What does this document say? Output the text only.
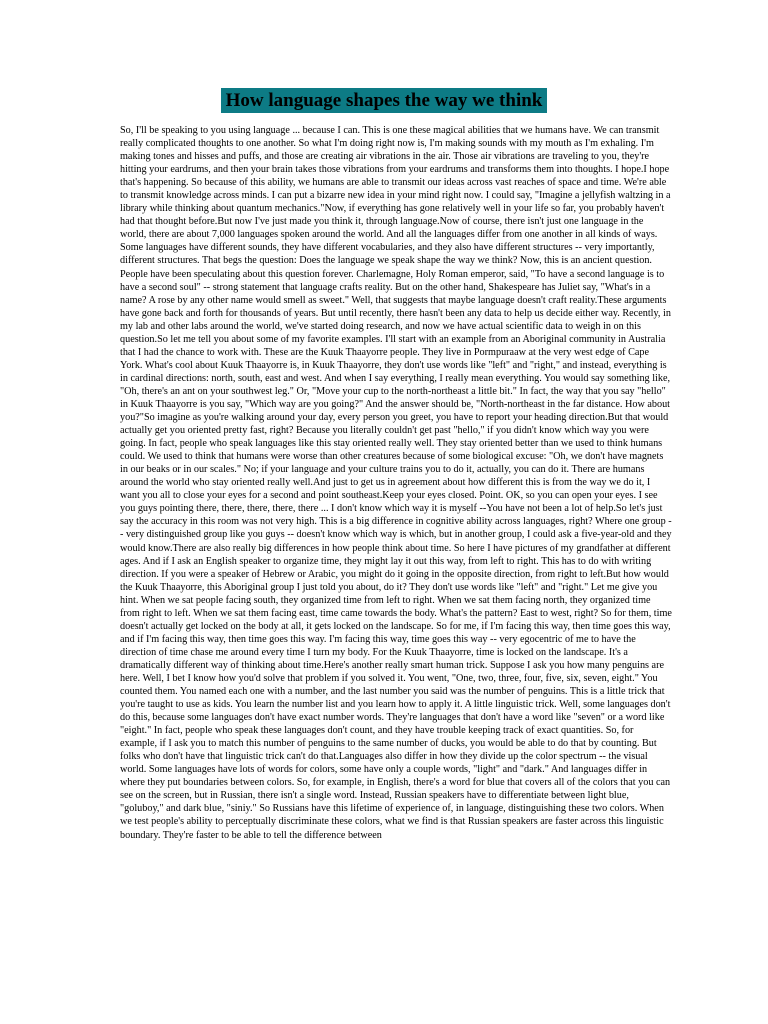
How language shapes the way we think

So, I'll be speaking to you using language ... because I can. This is one these magical abilities that we humans have. We can transmit really complicated thoughts to one another. So what I'm doing right now is, I'm making sounds with my mouth as I'm exhaling. I'm making tones and hisses and puffs, and those are creating air vibrations in the air. Those air vibrations are traveling to you, they're hitting your eardrums, and then your brain takes those vibrations from your eardrums and transforms them into thoughts. I hope.I hope that's happening. So because of this ability, we humans are able to transmit our ideas across vast reaches of space and time. We're able to transmit knowledge across minds. I can put a bizarre new idea in your mind right now. I could say, "Imagine a jellyfish waltzing in a library while thinking about quantum mechanics."Now, if everything has gone relatively well in your life so far, you probably haven't had that thought before.But now I've just made you think it, through language.Now of course, there isn't just one language in the world, there are about 7,000 languages spoken around the world. And all the languages differ from one another in all kinds of ways. Some languages have different sounds, they have different vocabularies, and they also have different structures -- very importantly, different structures. That begs the question: Does the language we speak shape the way we think? Now, this is an ancient question. People have been speculating about this question forever. Charlemagne, Holy Roman emperor, said, "To have a second language is to have a second soul" -- strong statement that language crafts reality. But on the other hand, Shakespeare has Juliet say, "What's in a name? A rose by any other name would smell as sweet." Well, that suggests that maybe language doesn't craft reality.These arguments have gone back and forth for thousands of years. But until recently, there hasn't been any data to help us decide either way. Recently, in my lab and other labs around the world, we've started doing research, and now we have actual scientific data to weigh in on this question.So let me tell you about some of my favorite examples. I'll start with an example from an Aboriginal community in Australia that I had the chance to work with. These are the Kuuk Thaayorre people. They live in Pormpuraaw at the very west edge of Cape York. What's cool about Kuuk Thaayorre is, in Kuuk Thaayorre, they don't use words like "left" and "right," and instead, everything is in cardinal directions: north, south, east and west. And when I say everything, I really mean everything. You would say something like, "Oh, there's an ant on your southwest leg." Or, "Move your cup to the north-northeast a little bit." In fact, the way that you say "hello" in Kuuk Thaayorre is you say, "Which way are you going?" And the answer should be, "North-northeast in the far distance. How about you?"So imagine as you're walking around your day, every person you greet, you have to report your heading direction.But that would actually get you oriented pretty fast, right? Because you literally couldn't get past "hello," if you didn't know which way you were going. In fact, people who speak languages like this stay oriented really well. They stay oriented better than we used to think humans could. We used to think that humans were worse than other creatures because of some biological excuse: "Oh, we don't have magnets in our beaks or in our scales." No; if your language and your culture trains you to do it, actually, you can do it. There are humans around the world who stay oriented really well.And just to get us in agreement about how different this is from the way we do it, I want you all to close your eyes for a second and point southeast.Keep your eyes closed. Point. OK, so you can open your eyes. I see you guys pointing there, there, there, there, there ... I don't know which way it is myself --You have not been a lot of help.So let's just say the accuracy in this room was not very high. This is a big difference in cognitive ability across languages, right? Where one group -- very distinguished group like you guys -- doesn't know which way is which, but in another group, I could ask a five-year-old and they would know.There are also really big differences in how people think about time. So here I have pictures of my grandfather at different ages. And if I ask an English speaker to organize time, they might lay it out this way, from left to right. This has to do with writing direction. If you were a speaker of Hebrew or Arabic, you might do it going in the opposite direction, from right to left.But how would the Kuuk Thaayorre, this Aboriginal group I just told you about, do it? They don't use words like "left" and "right." Let me give you hint. When we sat people facing south, they organized time from left to right. When we sat them facing north, they organized time from right to left. When we sat them facing east, time came towards the body. What's the pattern? East to west, right? So for them, time doesn't actually get locked on the body at all, it gets locked on the landscape. So for me, if I'm facing this way, then time goes this way, and if I'm facing this way, then time goes this way. I'm facing this way, time goes this way -- very egocentric of me to have the direction of time chase me around every time I turn my body. For the Kuuk Thaayorre, time is locked on the landscape. It's a dramatically different way of thinking about time.Here's another really smart human trick. Suppose I ask you how many penguins are here. Well, I bet I know how you'd solve that problem if you solved it. You went, "One, two, three, four, five, six, seven, eight." You counted them. You named each one with a number, and the last number you said was the number of penguins. This is a little trick that you're taught to use as kids. You learn the number list and you learn how to apply it. A little linguistic trick. Well, some languages don't do this, because some languages don't have exact number words. They're languages that don't have a word like "seven" or a word like "eight." In fact, people who speak these languages don't count, and they have trouble keeping track of exact quantities. So, for example, if I ask you to match this number of penguins to the same number of ducks, you would be able to do that by counting. But folks who don't have that linguistic trick can't do that.Languages also differ in how they divide up the color spectrum -- the visual world. Some languages have lots of words for colors, some have only a couple words, "light" and "dark." And languages differ in where they put boundaries between colors. So, for example, in English, there's a word for blue that covers all of the colors that you can see on the screen, but in Russian, there isn't a single word. Instead, Russian speakers have to differentiate between light blue, "goluboy," and dark blue, "siniy." So Russians have this lifetime of experience of, in language, distinguishing these two colors. When we test people's ability to perceptually discriminate these colors, what we find is that Russian speakers are faster across this linguistic boundary. They're faster to be able to tell the difference between
